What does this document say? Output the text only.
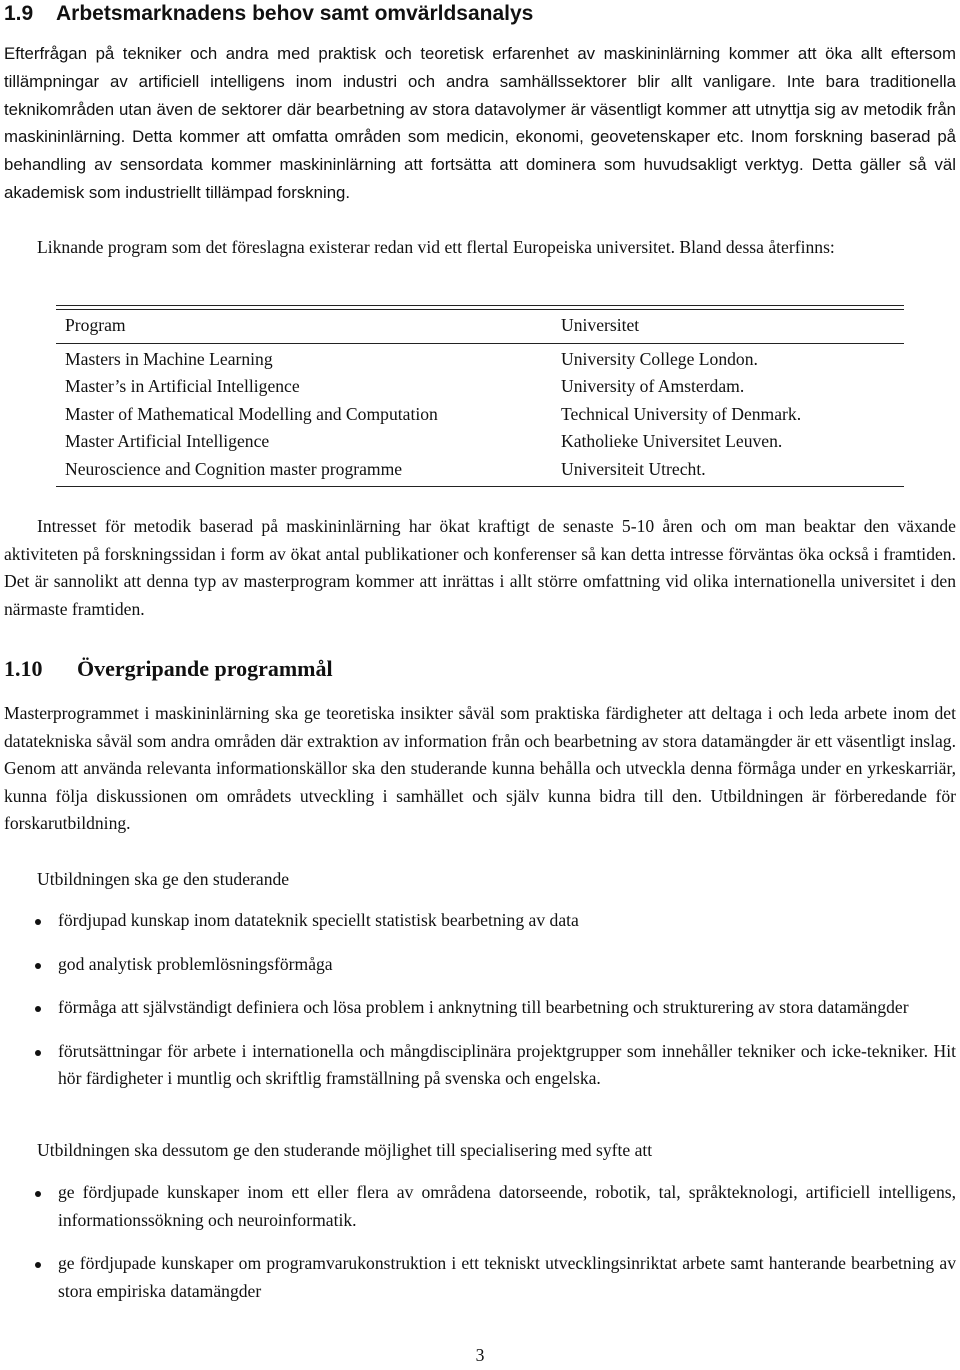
1.9 Arbetsmarknadens behov samt omvärldsanalys

Efterfrågan på tekniker och andra med praktisk och teoretisk erfarenhet av maskininlärning kommer att öka allt eftersom tillämpningar av artificiell intelligens inom industri och andra samhällssektorer blir allt vanligare. Inte bara traditionella teknikområden utan även de sektorer där bearbetning av stora datavolymer är väsentligt kommer att utnyttja sig av metodik från maskininlärning. Detta kommer att omfatta områden som medicin, ekonomi, geovetenskaper etc. Inom forskning baserad på behandling av sensordata kommer maskininlärning att fortsätta att dominera som huvudsakligt verktyg. Detta gäller så väl akademisk som industriellt tillämpad forskning.

Liknande program som det föreslagna existerar redan vid ett flertal Europeiska universitet. Bland dessa återfinns:

Program	Universitet
Masters in Machine Learning	University College London.
Master’s in Artificial Intelligence	University of Amsterdam.
Master of Mathematical Modelling and Computation	Technical University of Denmark.
Master Artificial Intelligence	Katholieke Universitet Leuven.
Neuroscience and Cognition master programme	Universiteit Utrecht.

Intresset för metodik baserad på maskininlärning har ökat kraftigt de senaste 5-10 åren och om man beaktar den växande aktiviteten på forskningssidan i form av ökat antal publikationer och konferenser så kan detta intresse förväntas öka också i framtiden. Det är sannolikt att denna typ av masterprogram kommer att inrättas i allt större omfattning vid olika internationella universitet i den närmaste framtiden.

1.10 Övergripande programmål

Masterprogrammet i maskininlärning ska ge teoretiska insikter såväl som praktiska färdigheter att deltaga i och leda arbete inom det datatekniska såväl som andra områden där extraktion av information från och bearbetning av stora datamängder är ett väsentligt inslag. Genom att använda relevanta informationskällor ska den studerande kunna behålla och utveckla denna förmåga under en yrkeskarriär, kunna följa diskussionen om områdets utveckling i samhället och själv kunna bidra till den. Utbildningen är förberedande för forskarutbildning.

Utbildningen ska ge den studerande

fördjupad kunskap inom datateknik speciellt statistisk bearbetning av data
god analytisk problemlösningsförmåga
förmåga att självständigt definiera och lösa problem i anknytning till bearbetning och strukturering av stora datamängder
förutsättningar för arbete i internationella och mångdisciplinära projektgrupper som innehåller tekniker och icke-tekniker. Hit hör färdigheter i muntlig och skriftlig framställning på svenska och engelska.

Utbildningen ska dessutom ge den studerande möjlighet till specialisering med syfte att

ge fördjupade kunskaper inom ett eller flera av områdena datorseende, robotik, tal, språkteknologi, artificiell intelligens, informationssökning och neuroinformatik.
ge fördjupade kunskaper om programvarukonstruktion i ett tekniskt utvecklingsinriktat arbete samt hanterande bearbetning av stora empiriska datamängder
3
